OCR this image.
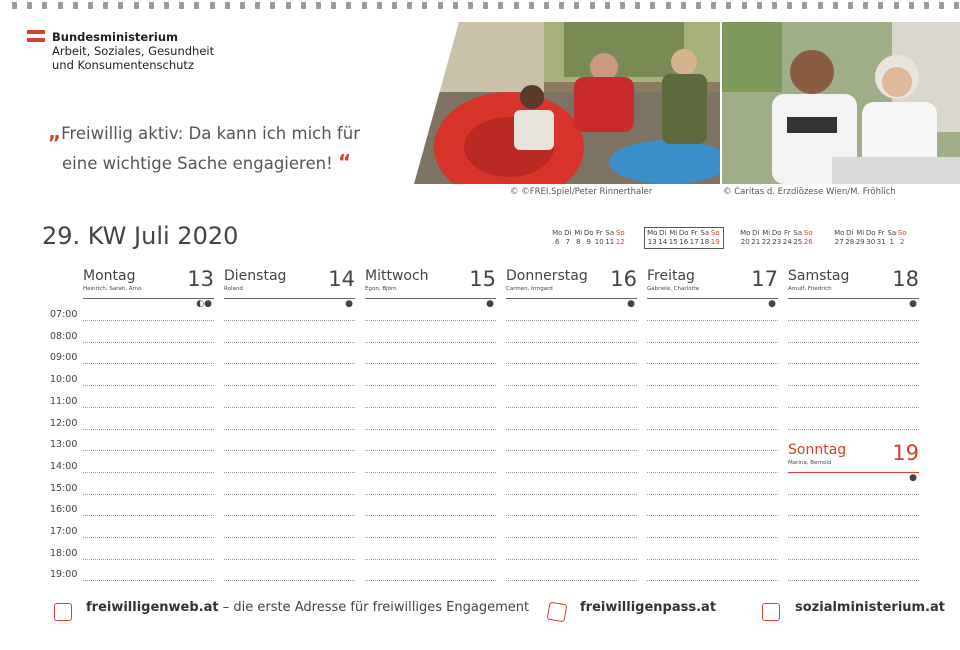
Bundesministerium
Arbeit, Soziales, Gesundheit
und Konsumentenschutz
„Freiwillig aktiv: Da kann ich mich für
eine wichtige Sache engagieren! “
© ©FREI.Spiel/Peter Rinnerthaler	© Caritas d. Erzdiözese Wien/M. Fröhlich
29. KW Juli 2020	Mo Di Mi Do Fr Sa So
6 7 8 9 10 11 12
Mo Di Mi Do Fr Sa So
13 14 15 16 17 18 19
Mo Di Mi Do Fr Sa So
20 21 22 23 24 25 26
Mo Di Mi Do Fr Sa So
27 28 29 30 31 1 2
Montag
Heinrich, Sarah, Arno 13
◐●
Dienstag
Roland	14
●
Mittwoch
Egon, Björn	15
●
Donnerstag
Carmen, Irmgard	16
●
Freitag
Gabriele, Charlotte 17
●
Samstag
Arnulf, Friedrich	18
●
Sonntag
Marina, Bernold	19
●
07:00
08:00
09:00
10:00
11:00
12:00
13:00
14:00
15:00
16:00
17:00
18:00
19:00
freiwilligenweb.at – die erste Adresse für freiwilliges Engagement	freiwilligenpass.at	sozialministerium.at
